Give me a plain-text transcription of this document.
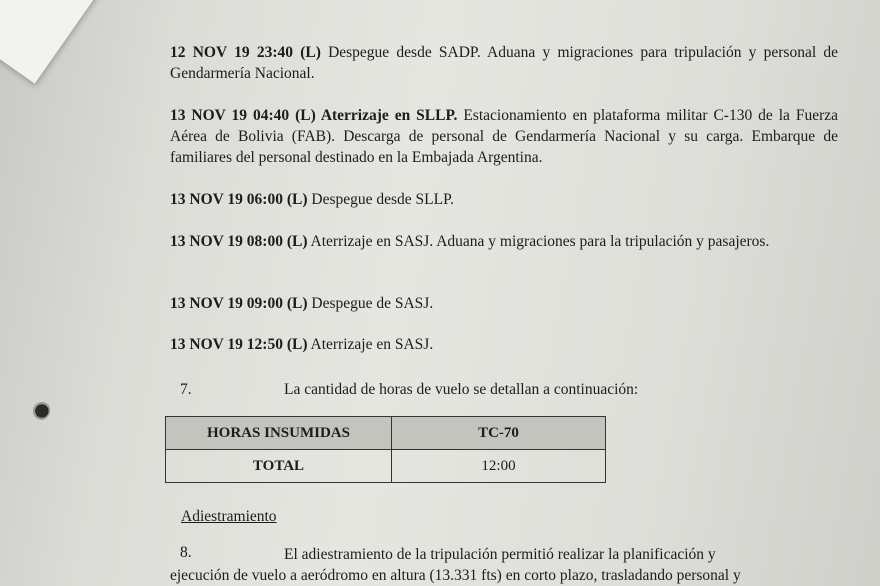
12 NOV 19 23:40 (L) Despegue desde SADP. Aduana y migraciones para tripulación y personal de Gendarmería Nacional.
13 NOV 19 04:40 (L) Aterrizaje en SLLP. Estacionamiento en plataforma militar C-130 de la Fuerza Aérea de Bolivia (FAB). Descarga de personal de Gendarmería Nacional y su carga. Embarque de familiares del personal destinado en la Embajada Argentina.
13 NOV 19 06:00 (L) Despegue desde SLLP.
13 NOV 19 08:00 (L) Aterrizaje en SASJ. Aduana y migraciones para la tripulación y pasajeros.
13 NOV 19 09:00 (L) Despegue de SASJ.
13 NOV 19 12:50 (L) Aterrizaje en SASJ.
7.	La cantidad de horas de vuelo se detallan a continuación:
HORAS INSUMIDAS	TC-70
TOTAL	12:00
Adiestramiento
8.	El adiestramiento de la tripulación permitió realizar la planificación y
ejecución de vuelo a aeródromo en altura (13.331 fts) en corto plazo, trasladando personal y
